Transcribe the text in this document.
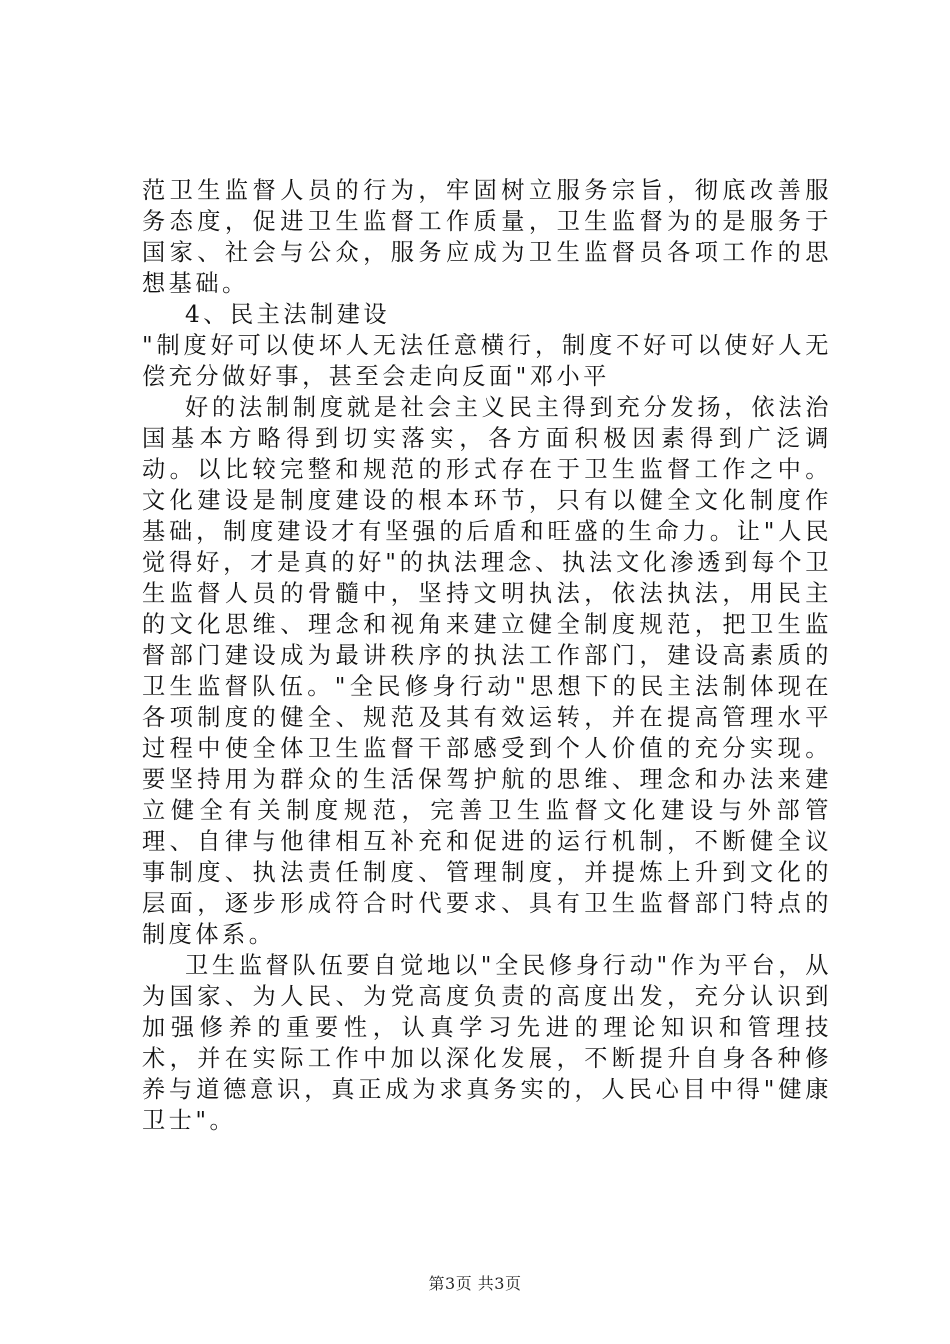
范卫生监督人员的行为，牢固树立服务宗旨，彻底改善服务态度，促进卫生监督工作质量，卫生监督为的是服务于国家、社会与公众，服务应成为卫生监督员各项工作的思想基础。

4、民主法制建设

"制度好可以使坏人无法任意横行，制度不好可以使好人无偿充分做好事，甚至会走向反面"邓小平

好的法制制度就是社会主义民主得到充分发扬，依法治国基本方略得到切实落实，各方面积极因素得到广泛调动。以比较完整和规范的形式存在于卫生监督工作之中。文化建设是制度建设的根本环节，只有以健全文化制度作基础，制度建设才有坚强的后盾和旺盛的生命力。让"人民觉得好，才是真的好"的执法理念、执法文化渗透到每个卫生监督人员的骨髓中，坚持文明执法，依法执法，用民主的文化思维、理念和视角来建立健全制度规范，把卫生监督部门建设成为最讲秩序的执法工作部门，建设高素质的卫生监督队伍。"全民修身行动"思想下的民主法制体现在各项制度的健全、规范及其有效运转，并在提高管理水平过程中使全体卫生监督干部感受到个人价值的充分实现。要坚持用为群众的生活保驾护航的思维、理念和办法来建立健全有关制度规范，完善卫生监督文化建设与外部管理、自律与他律相互补充和促进的运行机制，不断健全议事制度、执法责任制度、管理制度，并提炼上升到文化的层面，逐步形成符合时代要求、具有卫生监督部门特点的制度体系。

卫生监督队伍要自觉地以"全民修身行动"作为平台，从为国家、为人民、为党高度负责的高度出发，充分认识到加强修养的重要性，认真学习先进的理论知识和管理技术，并在实际工作中加以深化发展，不断提升自身各种修养与道德意识，真正成为求真务实的，人民心目中得"健康卫士"。

第3页 共3页
